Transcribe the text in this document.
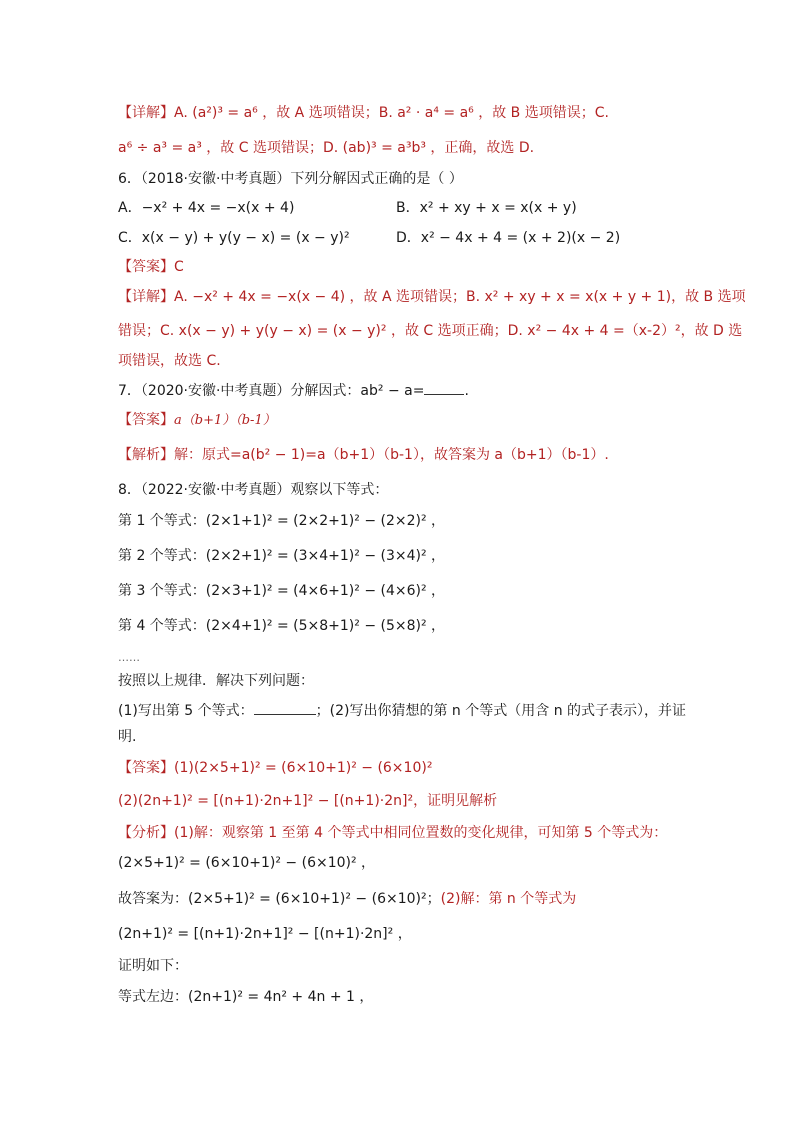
【详解】A. (a²)³ = a⁶ ，故 A 选项错误；B. a² · a⁴ = a⁶ ，故 B 选项错误；C.
a⁶ ÷ a³ = a³ ，故 C 选项错误；D. (ab)³ = a³b³ ，正确，故选 D.
6．（2018·安徽·中考真题）下列分解因式正确的是（ ）
A．−x² + 4x = −x(x + 4)	B．x² + xy + x = x(x + y)
C．x(x − y) + y(y − x) = (x − y)²	D．x² − 4x + 4 = (x + 2)(x − 2)
【答案】C
【详解】A. −x² + 4x = −x(x − 4) ，故 A 选项错误；B. x² + xy + x = x(x + y + 1)，故 B 选项
错误；C. x(x − y) + y(y − x) = (x − y)² ，故 C 选项正确；D. x² − 4x + 4 =（x-2）²，故 D 选
项错误，故选 C.
7．（2020·安徽·中考真题）分解因式：ab² − a=	.
【答案】a（b+1）（b-1）
【解析】解：原式=a(b² − 1)=a（b+1）（b-1），故答案为 a（b+1）（b-1）.
8．（2022·安徽·中考真题）观察以下等式：
第 1 个等式：(2×1+1)² = (2×2+1)² − (2×2)² ，
第 2 个等式：(2×2+1)² = (3×4+1)² − (3×4)² ，
第 3 个等式：(2×3+1)² = (4×6+1)² − (4×6)² ，
第 4 个等式：(2×4+1)² = (5×8+1)² − (5×8)² ，
……
按照以上规律．解决下列问题：
(1)写出第 5 个等式：	；(2)写出你猜想的第 n 个等式（用含 n 的式子表示），并证
明.
【答案】(1)(2×5+1)² = (6×10+1)² − (6×10)²
(2)(2n+1)² = [(n+1)·2n+1]² − [(n+1)·2n]²，证明见解析
【分析】(1)解：观察第 1 至第 4 个等式中相同位置数的变化规律，可知第 5 个等式为：
(2×5+1)² = (6×10+1)² − (6×10)² ，
故答案为：(2×5+1)² = (6×10+1)² − (6×10)²；(2)解：第 n 个等式为
(2n+1)² = [(n+1)·2n+1]² − [(n+1)·2n]² ，
证明如下：
等式左边：(2n+1)² = 4n² + 4n + 1 ，
